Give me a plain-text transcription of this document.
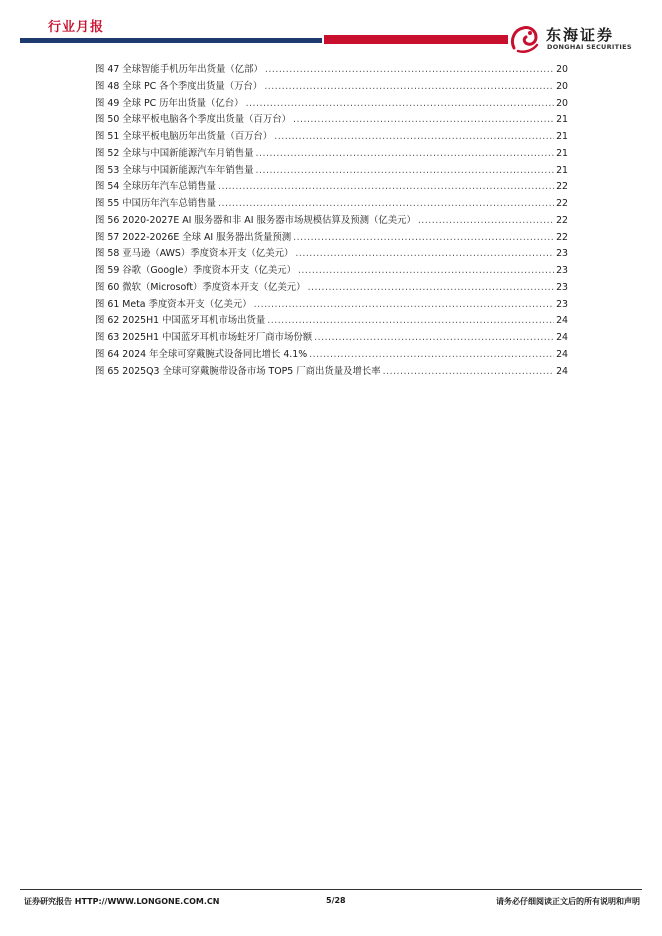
行业月报	东海证券
DONGHAI SECURITIES
图 47 全球智能手机历年出货量（亿部） .....	20
图 48 全球 PC 各个季度出货量（万台） .....	20
图 49 全球 PC 历年出货量（亿台） .....	20
图 50 全球平板电脑各个季度出货量（百万台） .....	21
图 51 全球平板电脑历年出货量（百万台） .....	21
图 52 全球与中国新能源汽车月销售量 .....	21
图 53 全球与中国新能源汽车年销售量 .....	21
图 54 全球历年汽车总销售量 .....	22
图 55 中国历年汽车总销售量 .....	22
图 56 2020-2027E AI 服务器和非 AI 服务器市场规模估算及预测（亿美元） .....	22
图 57 2022-2026E 全球 AI 服务器出货量预测 .....	22
图 58 亚马逊（AWS）季度资本开支（亿美元） .....	23
图 59 谷歌（Google）季度资本开支（亿美元） .....	23
图 60 微软（Microsoft）季度资本开支（亿美元） .....	23
图 61 Meta 季度资本开支（亿美元） .....	23
图 62 2025H1 中国蓝牙耳机市场出货量 .....	24
图 63 2025H1 中国蓝牙耳机市场蛀牙厂商市场份额 .....	24
图 64 2024 年全球可穿戴腕式设备同比增长 4.1% .....	24
图 65 2025Q3 全球可穿戴腕带设备市场 TOP5 厂商出货量及增长率 .....	24
证券研究报告 HTTP://WWW.LONGONE.COM.CN	5/28	请务必仔细阅读正文后的所有说明和声明
